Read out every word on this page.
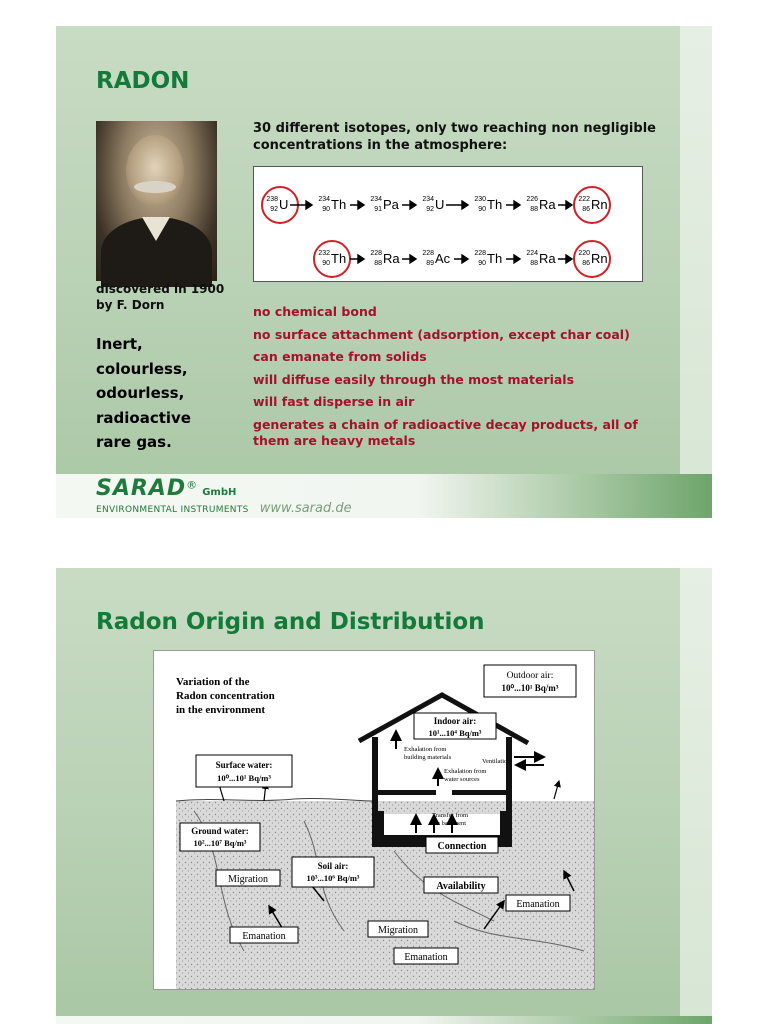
RADON
discovered in 1900
by F. Dorn
Inert,
colourless,
odourless,
radioactive
rare gas.
30 different isotopes, only two reaching non negligible concentrations in the atmosphere:
238
92 U	234
90 Th	234
91 Pa	234
92 U	230
90 Th	226
88 Ra	222
86 Rn
232
90 Th	228
88 Ra	228
89 Ac	228
90 Th	224
88 Ra	220
86 Rn
no chemical bond
no surface attachment (adsorption, except char coal)
can emanate from solids
will diffuse easily through the most materials
will fast disperse in air
generates a chain of radioactive decay products, all of them are heavy metals
SARAD® GmbH
ENVIRONMENTAL INSTRUMENTS www.sarad.de
Radon Origin and Distribution
Variation of the
Radon concentration
in the environment
Outdoor air:
10⁰...10¹ Bq/m³
Indoor air:
10¹...10⁴ Bq/m³
Exhalation from
building materials
Exhalation from
water sources
Ventilation
Surface water:
10⁰...10¹ Bq/m³
Ground water:
10²...10⁷ Bq/m³
Soil air:
10³...10⁶ Bq/m³
Transfer from
the basement
Connection
Availability
Migration
Migration
Emanation
Emanation
Emanation
